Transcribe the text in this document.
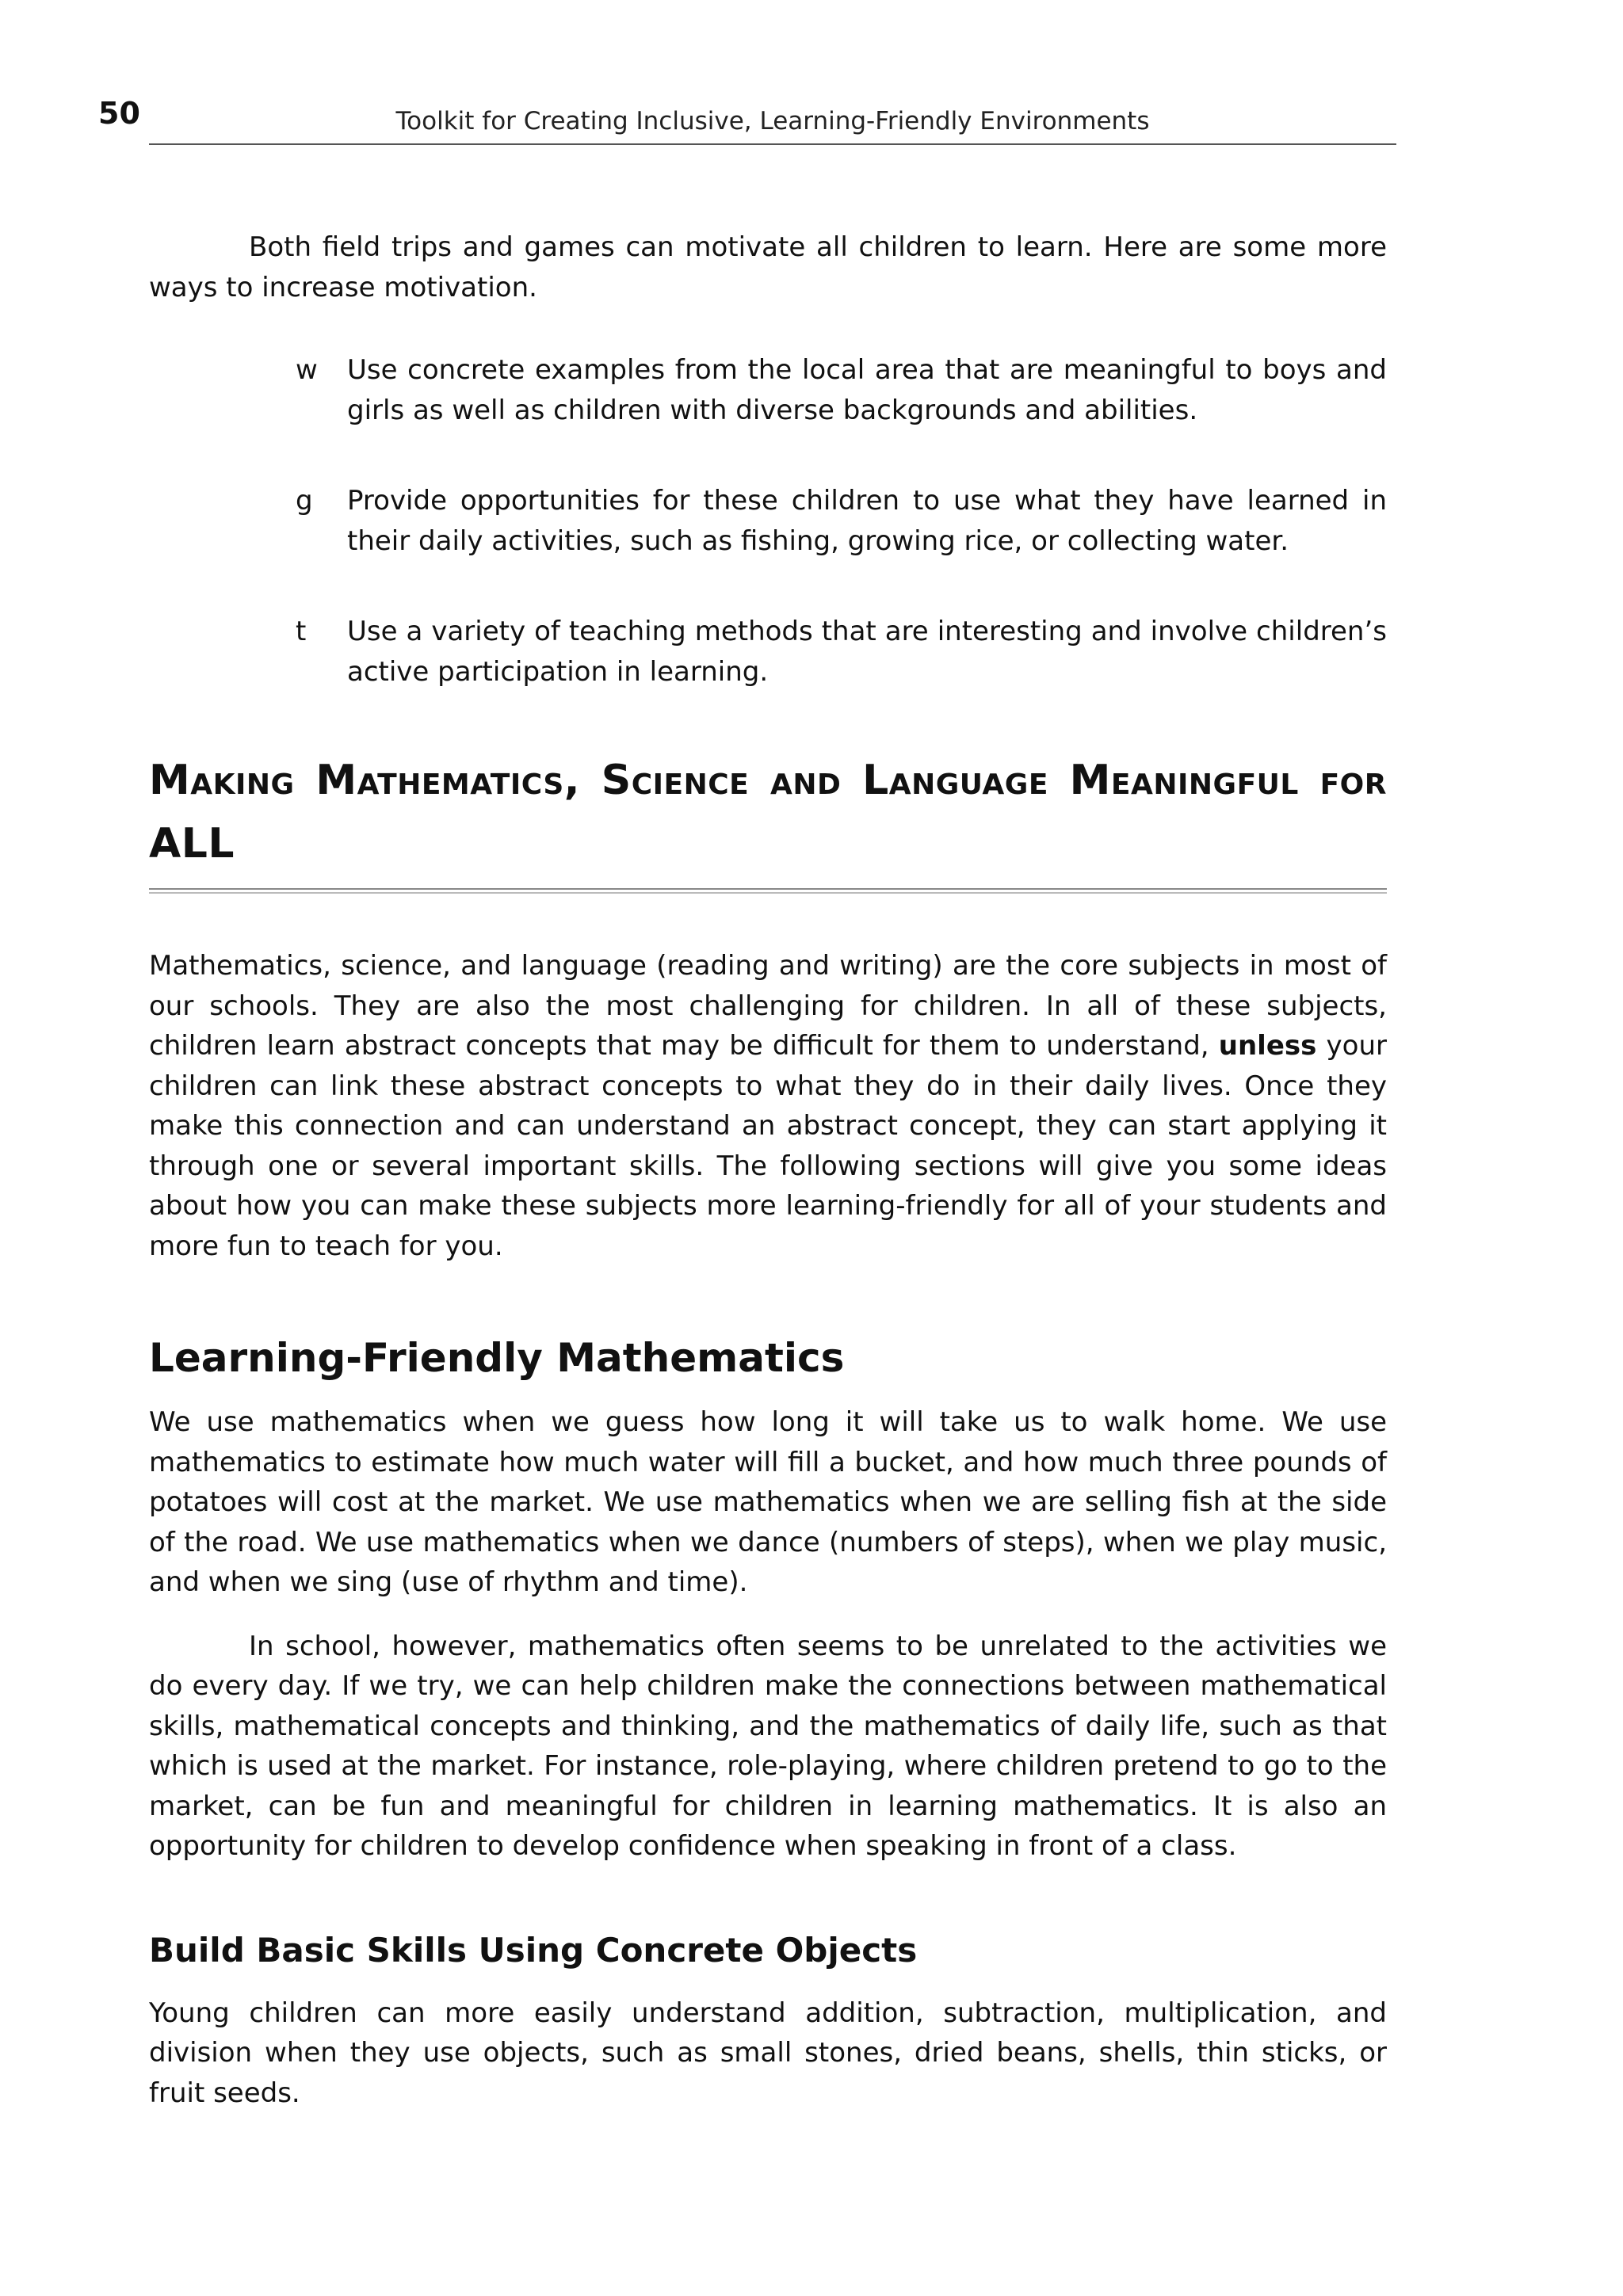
50	Toolkit for Creating Inclusive, Learning-Friendly Environments

Both field trips and games can motivate all children to learn. Here are some more ways to increase motivation.

w Use concrete examples from the local area that are meaningful to boys and girls as well as children with diverse backgrounds and abilities.
g Provide opportunities for these children to use what they have learned in their daily activities, such as fishing, growing rice, or collecting water.
t Use a variety of teaching methods that are interesting and involve children’s active participation in learning.
Making Mathematics, Science and Language Meaningful for ALL

Mathematics, science, and language (reading and writing) are the core subjects in most of our schools. They are also the most challenging for children. In all of these subjects, children learn abstract concepts that may be difficult for them to understand, unless your children can link these abstract concepts to what they do in their daily lives. Once they make this connection and can understand an abstract concept, they can start applying it through one or several important skills. The following sections will give you some ideas about how you can make these subjects more learning-friendly for all of your students and more fun to teach for you.

Learning-Friendly Mathematics

We use mathematics when we guess how long it will take us to walk home. We use mathematics to estimate how much water will fill a bucket, and how much three pounds of potatoes will cost at the market. We use mathematics when we are selling fish at the side of the road. We use mathematics when we dance (numbers of steps), when we play music, and when we sing (use of rhythm and time).

In school, however, mathematics often seems to be unrelated to the activities we do every day. If we try, we can help children make the connections between mathematical skills, mathematical concepts and thinking, and the mathematics of daily life, such as that which is used at the market. For instance, role-playing, where children pretend to go to the market, can be fun and meaningful for children in learning mathematics. It is also an opportunity for children to develop confidence when speaking in front of a class.

Build Basic Skills Using Concrete Objects

Young children can more easily understand addition, subtraction, multiplication, and division when they use objects, such as small stones, dried beans, shells, thin sticks, or fruit seeds.
